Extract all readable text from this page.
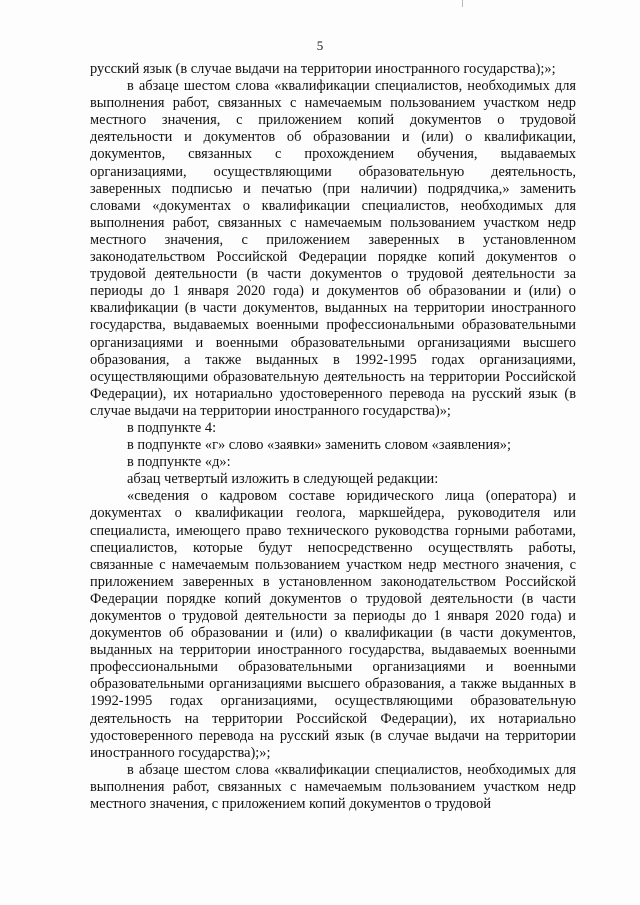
5

русский язык (в случае выдачи на территории иностранного государства);»;

в абзаце шестом слова «квалификации специалистов, необходимых для выполнения работ, связанных с намечаемым пользованием участком недр местного значения, с приложением копий документов о трудовой деятельности и документов об образовании и (или) о квалификации, документов, связанных с прохождением обучения, выдаваемых организациями, осуществляющими образовательную деятельность, заверенных подписью и печатью (при наличии) подрядчика,» заменить словами «документах о квалификации специалистов, необходимых для выполнения работ, связанных с намечаемым пользованием участком недр местного значения, с приложением заверенных в установленном законодательством Российской Федерации порядке копий документов о трудовой деятельности (в части документов о трудовой деятельности за периоды до 1 января 2020 года) и документов об образовании и (или) о квалификации (в части документов, выданных на территории иностранного государства, выдаваемых военными профессиональными образовательными организациями и военными образовательными организациями высшего образования, а также выданных в 1992-1995 годах организациями, осуществляющими образовательную деятельность на территории Российской Федерации), их нотариально удостоверенного перевода на русский язык (в случае выдачи на территории иностранного государства)»;

в подпункте 4:

в подпункте «г» слово «заявки» заменить словом «заявления»;

в подпункте «д»:

абзац четвертый изложить в следующей редакции:

«сведения о кадровом составе юридического лица (оператора) и документах о квалификации геолога, маркшейдера, руководителя или специалиста, имеющего право технического руководства горными работами, специалистов, которые будут непосредственно осуществлять работы, связанные с намечаемым пользованием участком недр местного значения, с приложением заверенных в установленном законодательством Российской Федерации порядке копий документов о трудовой деятельности (в части документов о трудовой деятельности за периоды до 1 января 2020 года) и документов об образовании и (или) о квалификации (в части документов, выданных на территории иностранного государства, выдаваемых военными профессиональными образовательными организациями и военными образовательными организациями высшего образования, а также выданных в 1992-1995 годах организациями, осуществляющими образовательную деятельность на территории Российской Федерации), их нотариально удостоверенного перевода на русский язык (в случае выдачи на территории иностранного государства);»;

в абзаце шестом слова «квалификации специалистов, необходимых для выполнения работ, связанных с намечаемым пользованием участком недр местного значения, с приложением копий документов о трудовой
